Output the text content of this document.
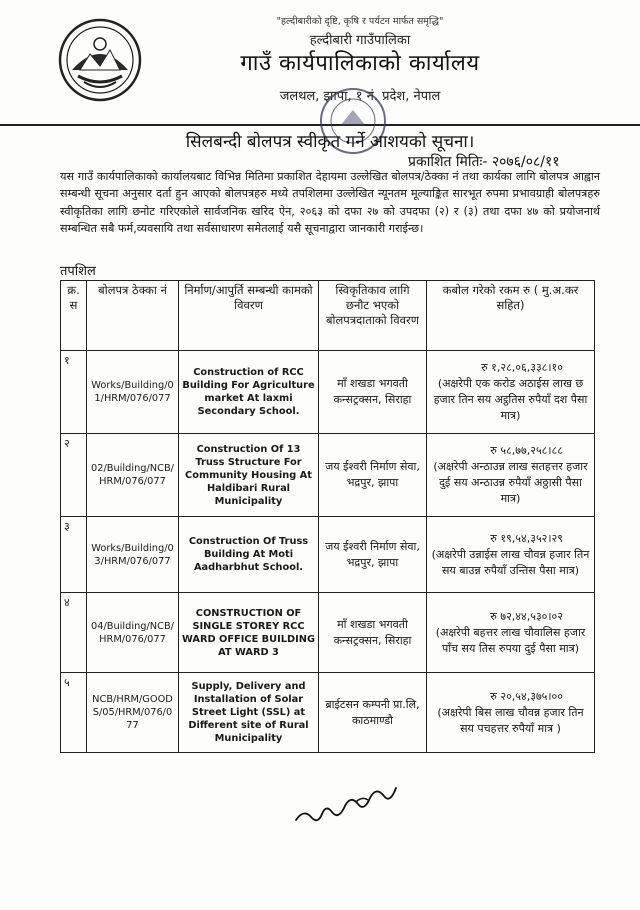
"हल्दीबारीको दृष्टि, कृषि र पर्यटन मार्फत समृद्धि"
हल्दीबारी गाउँपालिका
गाउँ कार्यपालिकाको कार्यालय
जलथल, झापा, १ नं. प्रदेश, नेपाल
सिलबन्दी बोलपत्र स्वीकृत गर्ने आशयको सूचना।
प्रकाशित मितिः- २०७६/०८/११
यस गाउँ कार्यपालिकाको कार्यालयबाट विभिन्न मितिमा प्रकाशित देहायमा उल्लेखित बोलपत्र/ठेक्का नं तथा कार्यका लागि बोलपत्र आह्वान सम्बन्धी सूचना अनुसार दर्ता हुन आएको बोलपत्रहरु मध्ये तपशिलमा उल्लेखित न्यूनतम मूल्याङ्कित सारभूत रुपमा प्रभावग्राही बोलपत्रहरु स्वीकृतिका लागि छनोट गरिएकोले सार्वजनिक खरिद ऐन, २०६३ को दफा २७ को उपदफा (२) र (३) तथा दफा ४७ को प्रयोजनार्थ सम्बन्धित सबै फर्म,व्यवसायि तथा सर्वसाधारण समेतलाई यसै सूचनाद्वारा जानकारी गराईन्छ।
तपशिल
क्र. स	बोलपत्र ठेक्का नं	निर्माण/आपुर्ति सम्बन्धी कामको विवरण	स्विकृतिकाव लागि छनौट भएको बोलपत्रदाताको विवरण	कबोल गरेको रकम रु ( मु.अ.कर सहित)
१	Works/Building/01/HRM/076/077	Construction of RCC Building For Agriculture market At laxmi Secondary School.	माँ शखडा भगवती कन्सट्रक्सन, सिराहा	रु १,२८,०६,३३८।१०
(अक्षरेपी एक करोड अठाईस लाख छ हजार तिन सय अट्ठतिस रुपैयाँ दश पैसा मात्र)
२	02/Building/NCB/HRM/076/077	Construction Of 13 Truss Structure For Community Housing At Haldibari Rural Municipality	जय ईश्वरी निर्माण सेवा, भद्रपुर, झापा	रु ५८,७७,२५८।८८
(अक्षरेपी अन्ठाउन्न लाख सतहत्तर हजार दुई सय अन्ठाउन्न रुपैयाँ अठ्ठासी पैसा मात्र)
३	Works/Building/03/HRM/076/077	Construction Of Truss Building At Moti Aadharbhut School.	जय ईश्वरी निर्माण सेवा, भद्रपुर, झापा	रु १९,५४,३५२।२९
(अक्षरेपी उन्नाईस लाख चौवन्न हजार तिन सय बाउन्न रुपैयाँ उन्तिस पैसा मात्र)
४	04/Building/NCB/HRM/076/077	CONSTRUCTION OF SINGLE STOREY RCC WARD OFFICE BUILDING AT WARD 3	माँ शखडा भगवती कन्सट्रक्सन, सिराहा	रु ७२,४४,५३०।०२
(अक्षरेपी बहत्तर लाख चौवालिस हजार पाँच सय तिस रुपया दुई पैसा मात्र)
५	NCB/HRM/GOODS/05/HRM/076/077	Supply, Delivery and Installation of Solar Street Light (SSL) at Different site of Rural Municipality	ब्राईटसन कम्पनी प्रा.लि, काठमाण्डौ	रु २०,५४,३७५।००
(अक्षरेपी बिस लाख चौवन्न हजार तिन सय पचहत्तर रुपैयाँ मात्र )
